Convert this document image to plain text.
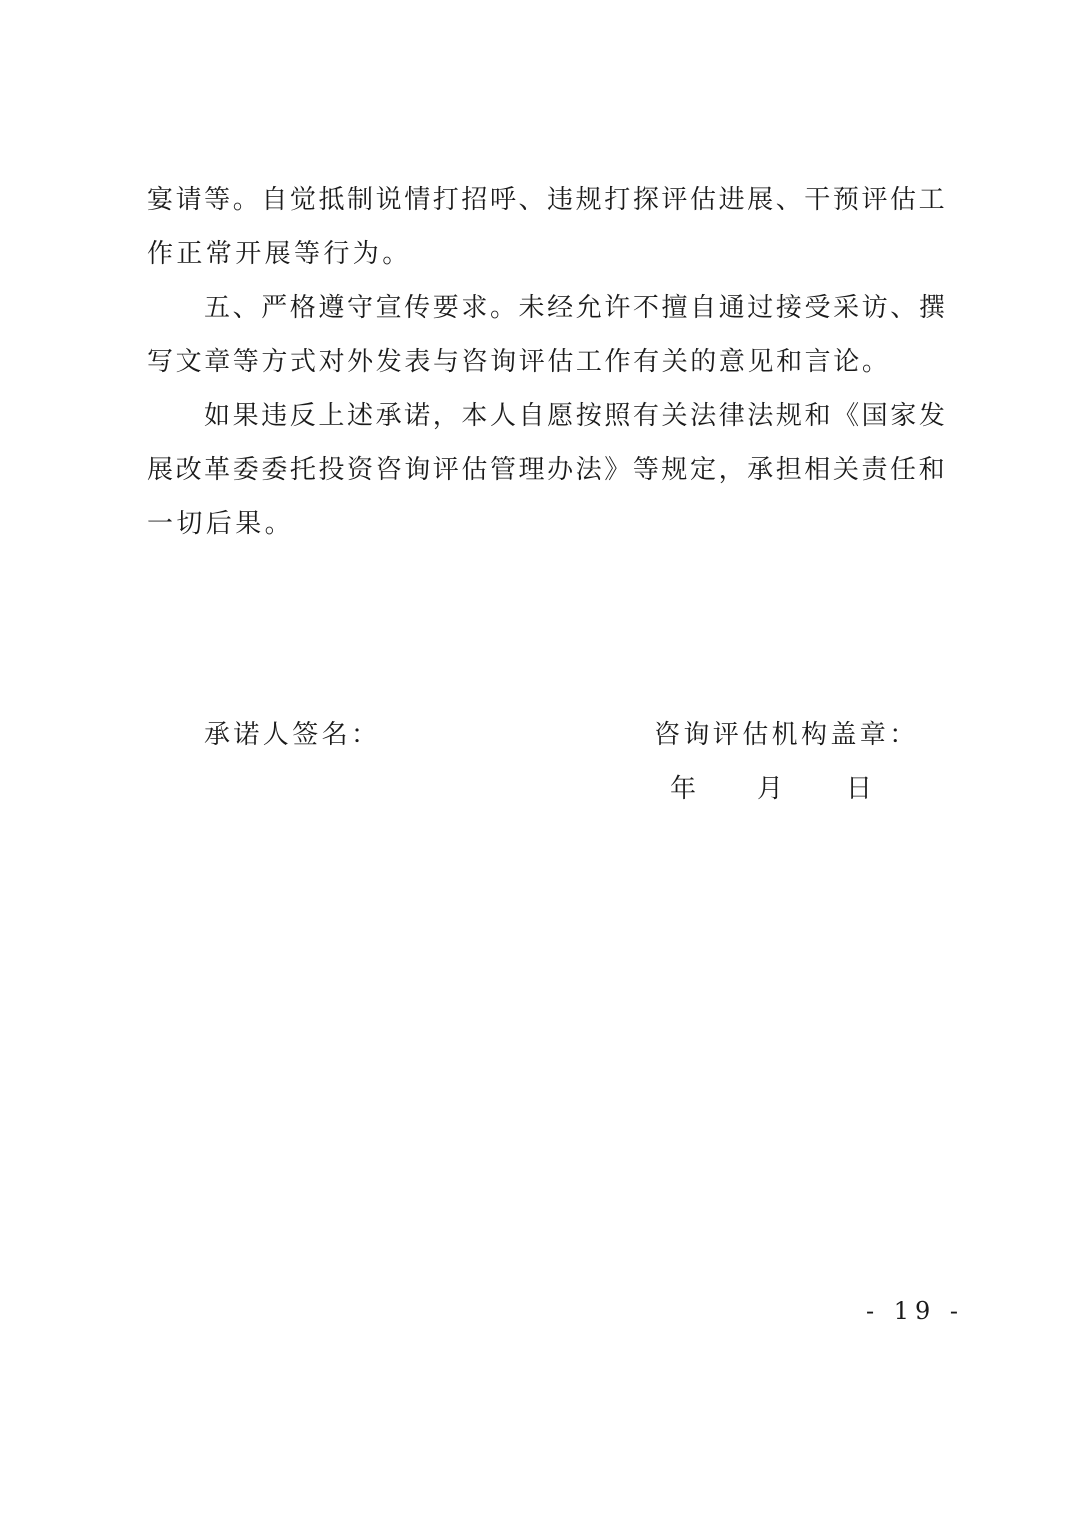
宴 请 等 。 自 觉 抵 制 说 情 打 招 呼 、 违 规 打 探 评 估 进 展 、 干 预 评 估 工
作正常开展等行为。
五 、 严 格 遵 守 宣 传 要 求 。 未 经 允 许 不 擅 自 通 过 接 受 采 访 、 撰
写 文 章 等 方 式 对 外 发 表 与 咨 询 评 估 工 作 有 关 的 意 见 和 言 论 。
如 果 违 反 上 述 承 诺 ， 本 人 自 愿 按 照 有 关 法 律 法 规 和 《 国 家 发
展 改 革 委 委 托 投 资 咨 询 评 估 管 理 办 法 》 等 规 定 ， 承 担 相 关 责 任 和
一切后果。
承诺人签名：	咨询评估机构盖章：
年 月 日
- 19 -
